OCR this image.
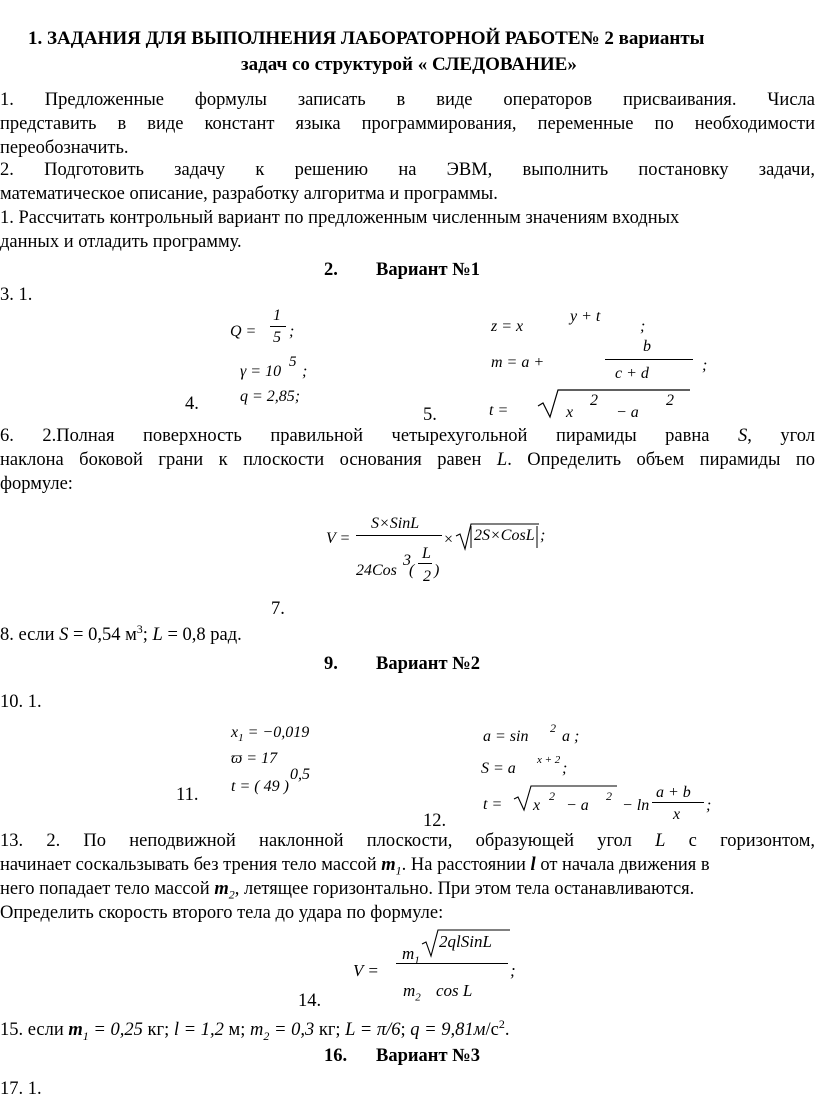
1. ЗАДАНИЯ ДЛЯ ВЫПОЛНЕНИЯ ЛАБОРАТОРНОЙ РАБОТЕ№ 2 варианты
задач со структурой « СЛЕДОВАНИЕ»
1. Предложенные формулы записать в виде операторов присваивания. Числа
представить в виде констант языка программирования, переменные по необходимости
переобозначить.
2. Подготовить задачу к решению на ЭВМ, выполнить постановку задачи,
математическое описание, разработку алгоритма и программы.
1. Рассчитать контрольный вариант по предложенным численным значениям входных
данных и отладить программу.
2. Вариант №1
3. 1.
Q =
1
5 ;
γ = 10
5
;
q = 2,85;
4.
z = x
y + t
;
m = a +
b
c + d	;
t =	x
2
− a
2
5.
6. 2.Полная поверхность правильной четырехугольной пирамиды равна S, угол
наклона боковой грани к плоскости основания равен L. Определить объем пирамиды по
формуле:
V =
S×SinL
24Cos
3
(
L
2 )
× 2S×CosL ;
7.
8. если S = 0,54 $м^3$; L = 0,8 рад.
9. Вариант №2
10. 1.
$x_1 = -0,019$
ϖ = 17
t = ( 49 )
0,5
11.
a = sin 2 a ;
S = a x + 2 ;
t = x
2
− a
2
− ln
a + b
x
;
12.
13. 2. По неподвижной наклонной плоскости, образующей угол L с горизонтом,
начинает соскальзывать без трения тело массой $m_1$. На расстоянии l от начала движения в
него попадает тело массой $m_2$, летящее горизонтально. При этом тела останавливаются.
Определить скорость второго тела до удара по формуле:
V =
$m_1$
2qlSinL
$m_2$ cos L
;
14.
15. если $m_1 = 0,25$ кг; l = 1,2 м; $m_2 = 0,3$ кг; L = π/6; $q = 9,81м/с^2$.
16. Вариант №3
17. 1.
